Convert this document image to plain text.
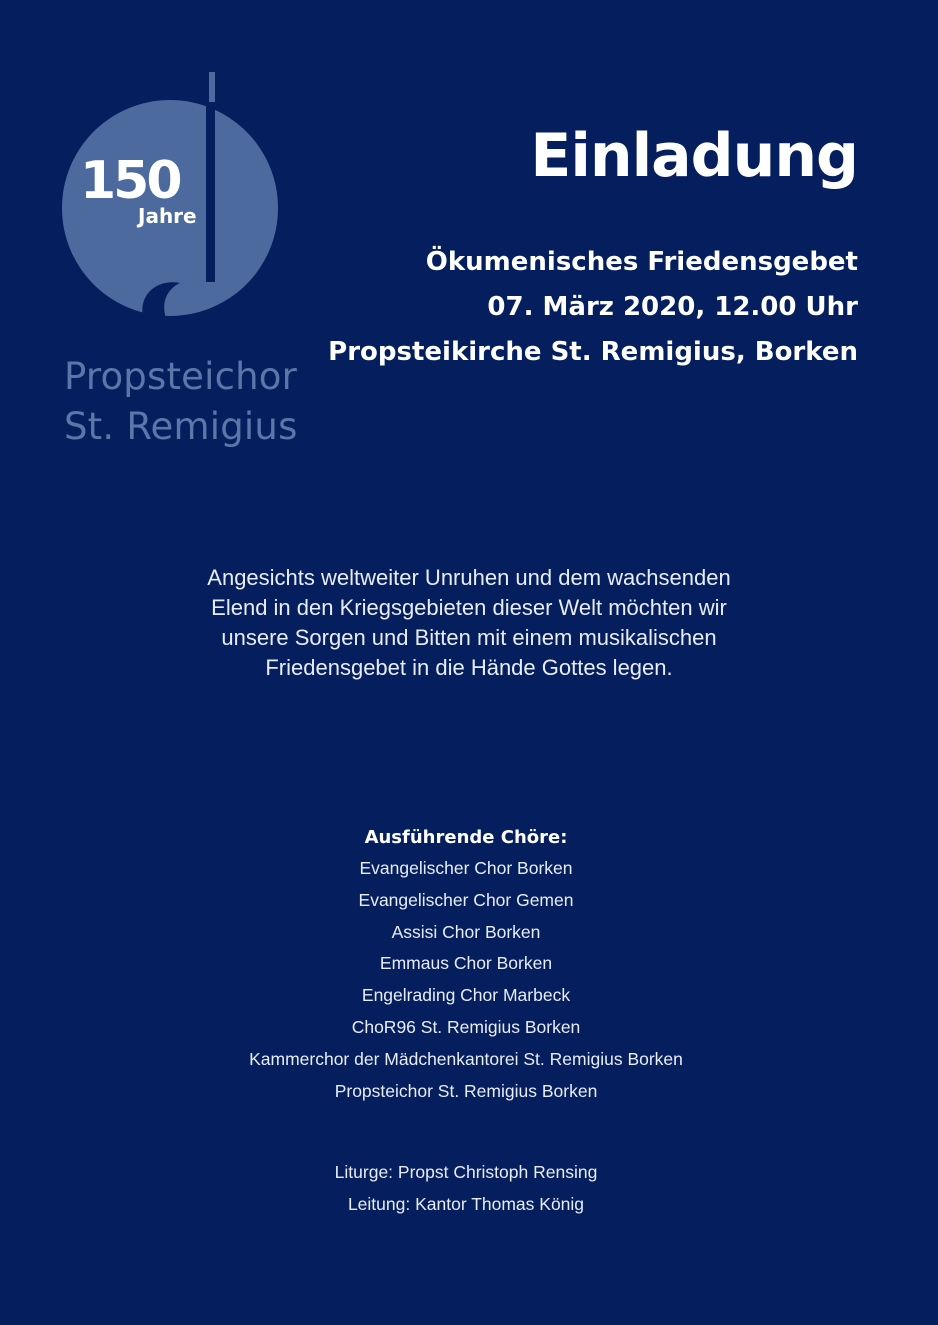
150
Jahre
Propsteichor
St. Remigius
Einladung
Ökumenisches Friedensgebet
07. März 2020, 12.00 Uhr
Propsteikirche St. Remigius, Borken
Angesichts weltweiter Unruhen und dem wachsenden
Elend in den Kriegsgebieten dieser Welt möchten wir
unsere Sorgen und Bitten mit einem musikalischen
Friedensgebet in die Hände Gottes legen.
Ausführende Chöre:
Evangelischer Chor Borken
Evangelischer Chor Gemen
Assisi Chor Borken
Emmaus Chor Borken
Engelrading Chor Marbeck
ChoR96 St. Remigius Borken
Kammerchor der Mädchenkantorei St. Remigius Borken
Propsteichor St. Remigius Borken
Liturge: Propst Christoph Rensing
Leitung: Kantor Thomas König
